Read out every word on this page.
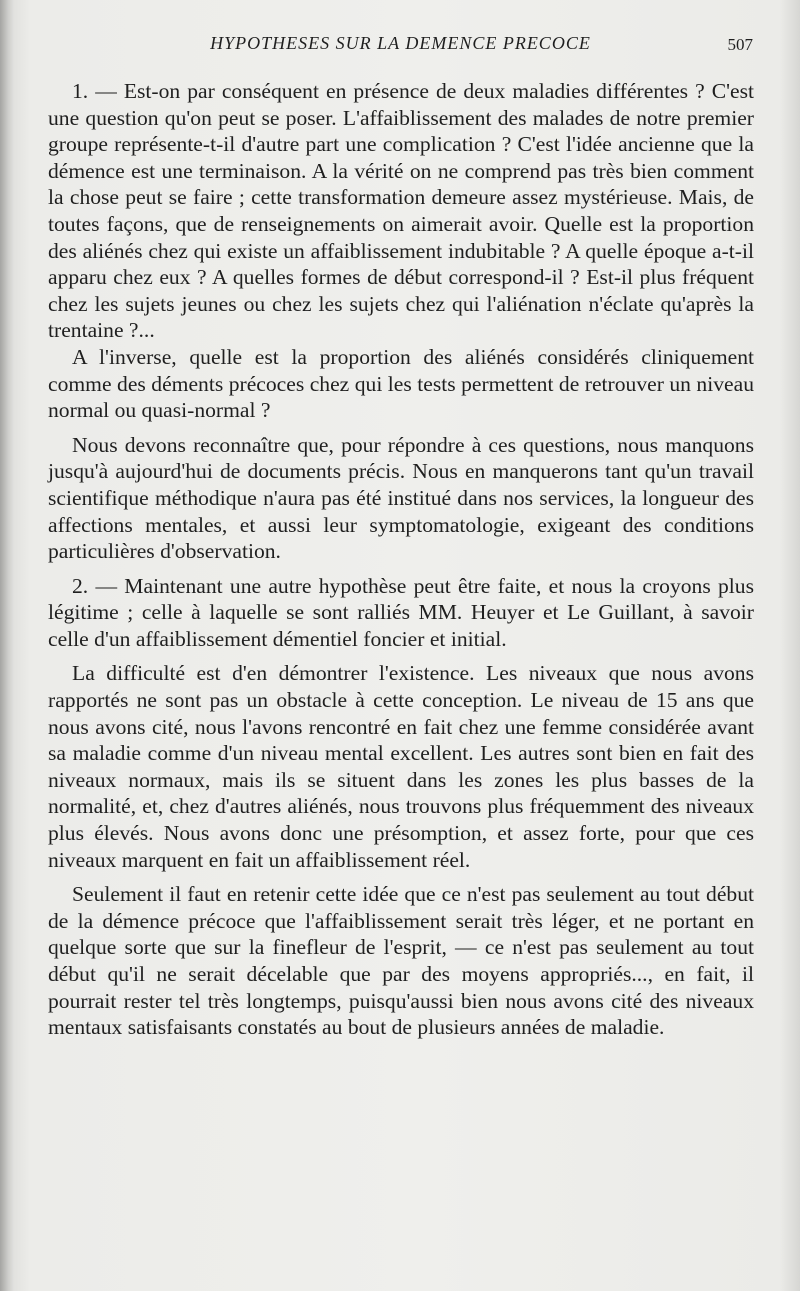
HYPOTHESES SUR LA DEMENCE PRECOCE	507

1. — Est-on par conséquent en présence de deux maladies différentes ? C'est une question qu'on peut se poser. L'affaiblissement des malades de notre premier groupe représente-t-il d'autre part une complication ? C'est l'idée ancienne que la démence est une terminaison. A la vérité on ne comprend pas très bien comment la chose peut se faire ; cette transformation demeure assez mystérieuse. Mais, de toutes façons, que de renseignements on aimerait avoir. Quelle est la proportion des aliénés chez qui existe un affaiblissement indubitable ? A quelle époque a-t-il apparu chez eux ? A quelles formes de début correspond-il ? Est-il plus fréquent chez les sujets jeunes ou chez les sujets chez qui l'aliénation n'éclate qu'après la trentaine ?...

A l'inverse, quelle est la proportion des aliénés considérés cliniquement comme des déments précoces chez qui les tests permettent de retrouver un niveau normal ou quasi-normal ?

Nous devons reconnaître que, pour répondre à ces questions, nous manquons jusqu'à aujourd'hui de documents précis. Nous en manquerons tant qu'un travail scientifique méthodique n'aura pas été institué dans nos services, la longueur des affections mentales, et aussi leur symptomatologie, exigeant des conditions particulières d'observation.

2. — Maintenant une autre hypothèse peut être faite, et nous la croyons plus légitime ; celle à laquelle se sont ralliés MM. Heuyer et Le Guillant, à savoir celle d'un affaiblissement démentiel foncier et initial.

La difficulté est d'en démontrer l'existence. Les niveaux que nous avons rapportés ne sont pas un obstacle à cette conception. Le niveau de 15 ans que nous avons cité, nous l'avons rencontré en fait chez une femme considérée avant sa maladie comme d'un niveau mental excellent. Les autres sont bien en fait des niveaux normaux, mais ils se situent dans les zones les plus basses de la normalité, et, chez d'autres aliénés, nous trouvons plus fréquemment des niveaux plus élevés. Nous avons donc une présomption, et assez forte, pour que ces niveaux marquent en fait un affaiblissement réel.

Seulement il faut en retenir cette idée que ce n'est pas seulement au tout début de la démence précoce que l'affaiblissement serait très léger, et ne portant en quelque sorte que sur la finefleur de l'esprit, — ce n'est pas seulement au tout début qu'il ne serait décelable que par des moyens appropriés..., en fait, il pourrait rester tel très longtemps, puisqu'aussi bien nous avons cité des niveaux mentaux satisfaisants constatés au bout de plusieurs années de maladie.
